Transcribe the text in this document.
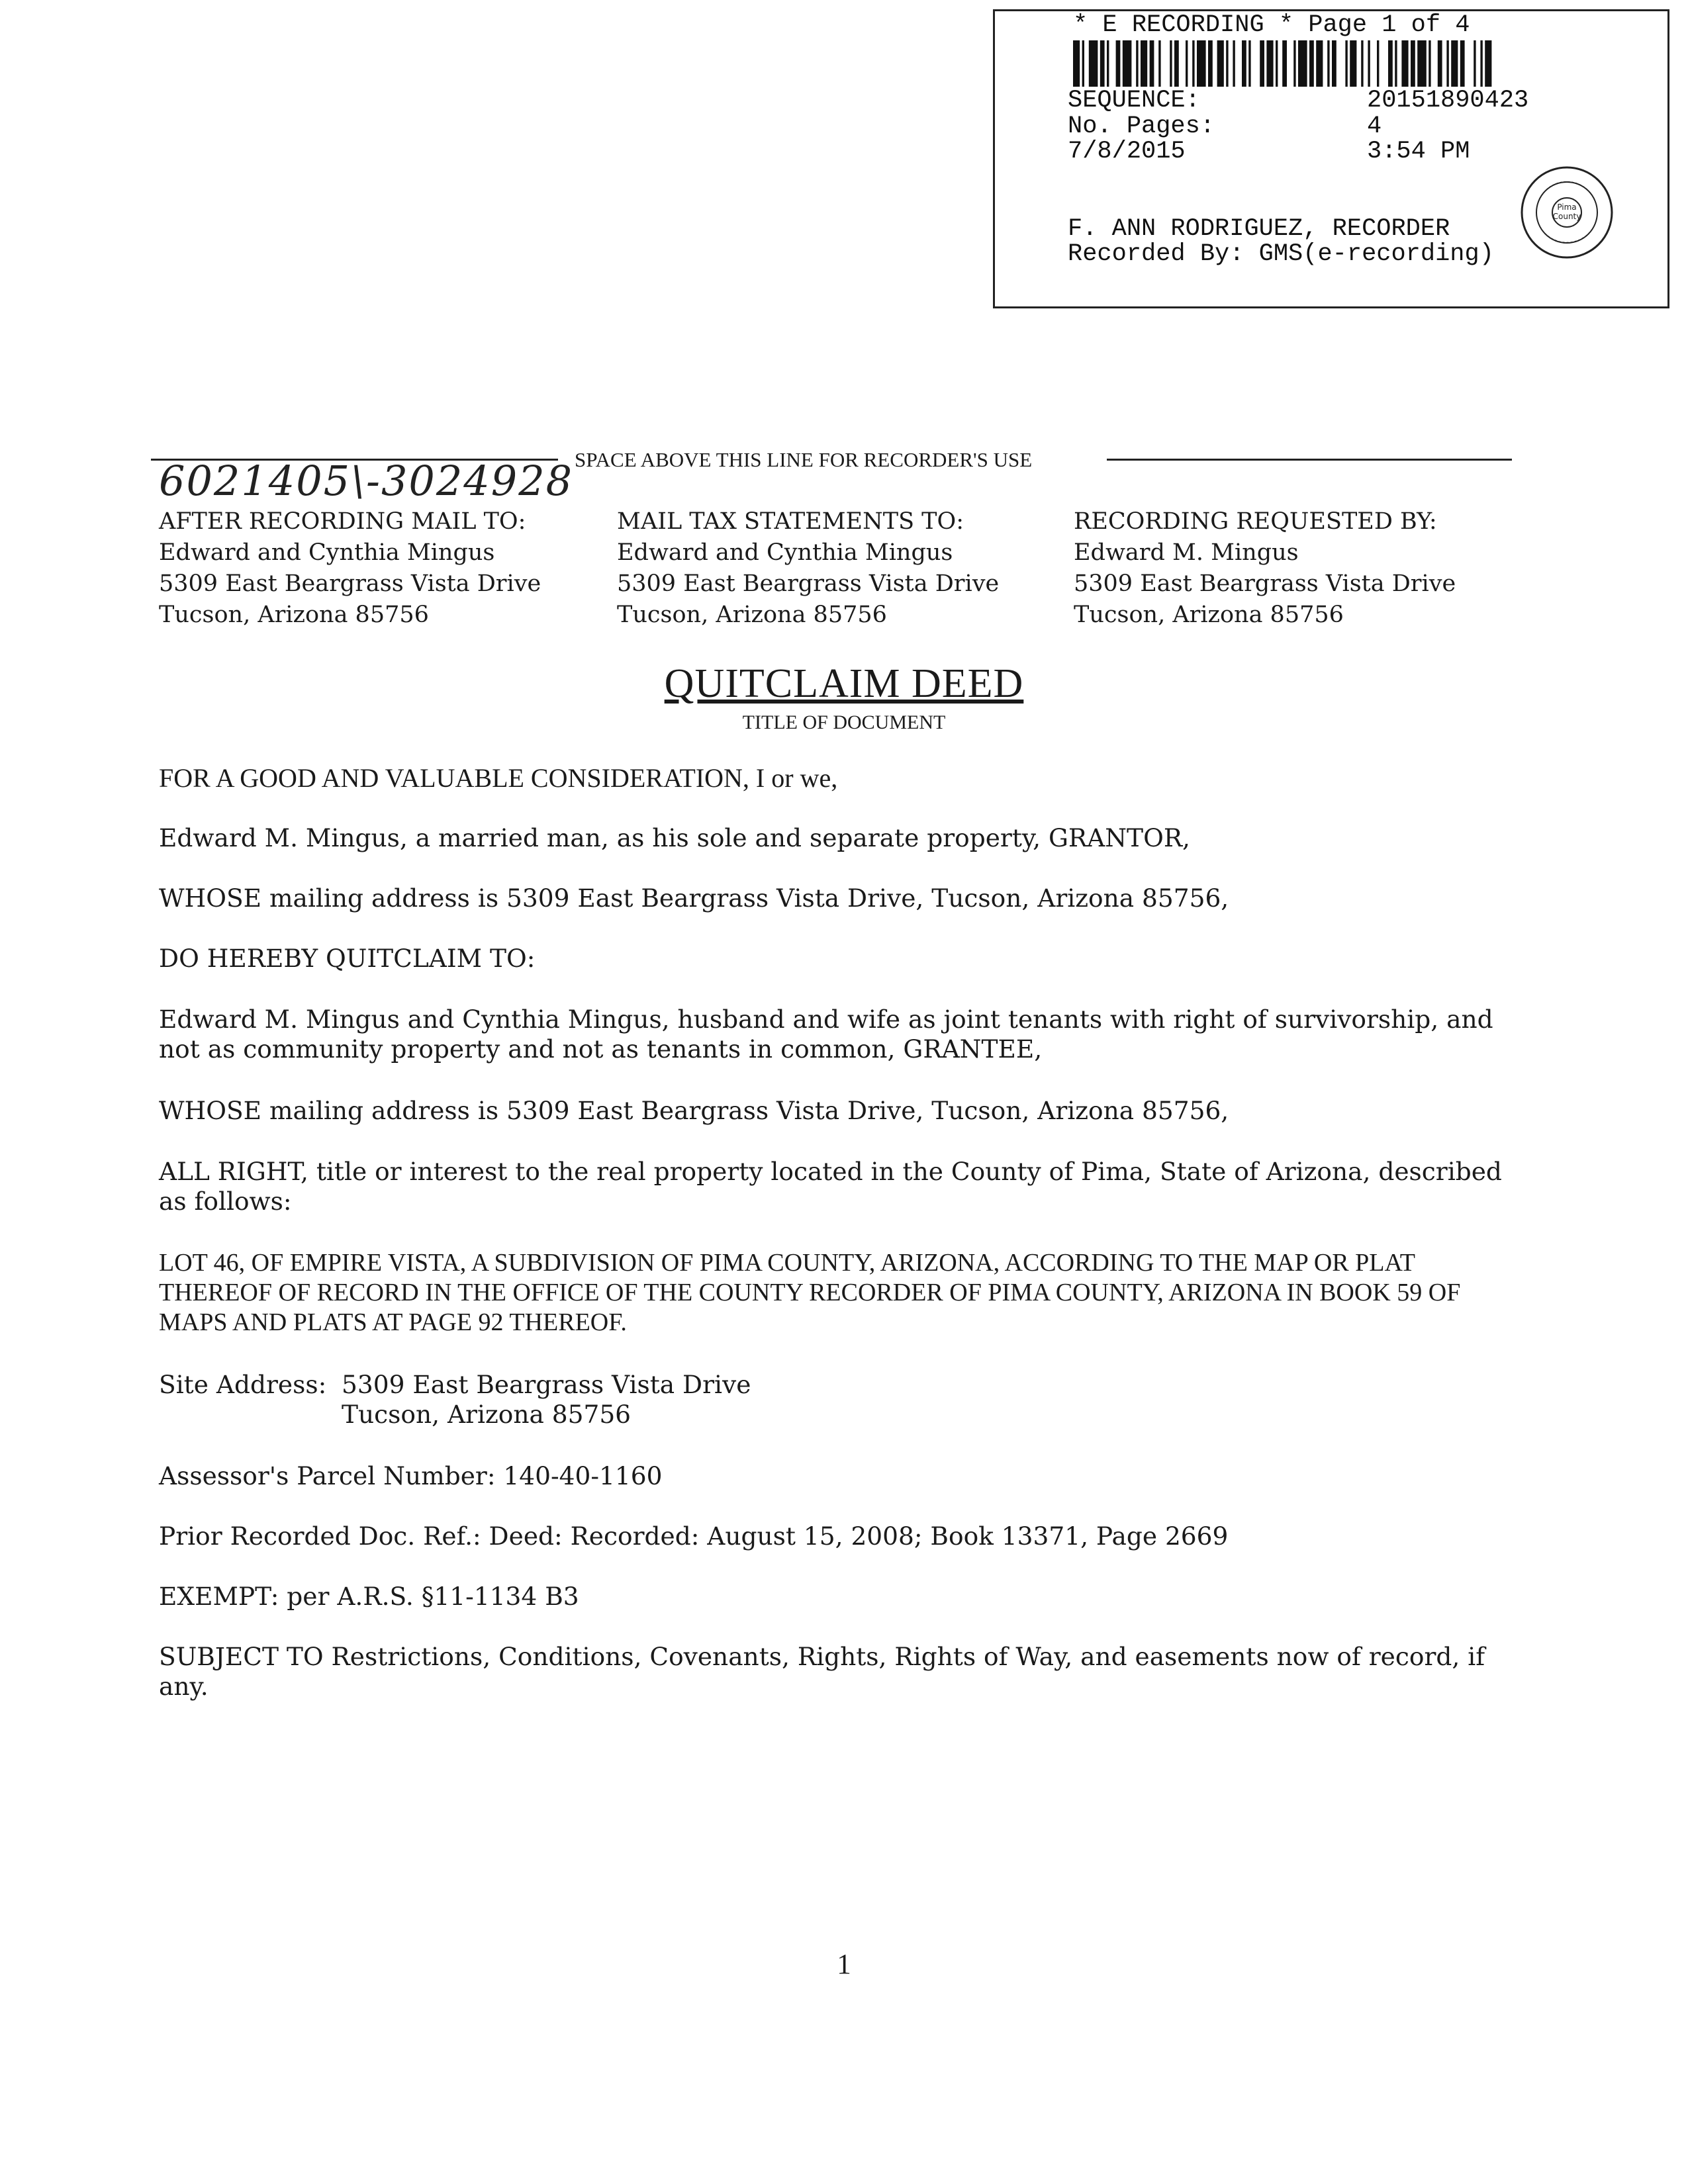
* E RECORDING * Page 1 of 4
SEQUENCE:	20151890423
No. Pages:	4
7/8/2015	3:54 PM
F. ANN RODRIGUEZ, RECORDER
Recorded By: GMS(e-recording)
Pima
County
SPACE ABOVE THIS LINE FOR RECORDER'S USE
6021405\-3024928
AFTER RECORDING MAIL TO:
Edward and Cynthia Mingus
5309 East Beargrass Vista Drive
Tucson, Arizona 85756
MAIL TAX STATEMENTS TO:
Edward and Cynthia Mingus
5309 East Beargrass Vista Drive
Tucson, Arizona 85756
RECORDING REQUESTED BY:
Edward M. Mingus
5309 East Beargrass Vista Drive
Tucson, Arizona 85756
QUITCLAIM DEED
TITLE OF DOCUMENT
FOR A GOOD AND VALUABLE CONSIDERATION, I or we,
Edward M. Mingus, a married man, as his sole and separate property, GRANTOR,
WHOSE mailing address is 5309 East Beargrass Vista Drive, Tucson, Arizona 85756,
DO HEREBY QUITCLAIM TO:
Edward M. Mingus and Cynthia Mingus, husband and wife as joint tenants with right of survivorship, and not as community property and not as tenants in common, GRANTEE,
WHOSE mailing address is 5309 East Beargrass Vista Drive, Tucson, Arizona 85756,
ALL RIGHT, title or interest to the real property located in the County of Pima, State of Arizona, described as follows:
LOT 46, OF EMPIRE VISTA, A SUBDIVISION OF PIMA COUNTY, ARIZONA, ACCORDING TO THE MAP OR PLAT THEREOF OF RECORD IN THE OFFICE OF THE COUNTY RECORDER OF PIMA COUNTY, ARIZONA IN BOOK 59 OF MAPS AND PLATS AT PAGE 92 THEREOF.
Site Address: 5309 East Beargrass Vista Drive
Tucson, Arizona 85756
Assessor's Parcel Number: 140-40-1160
Prior Recorded Doc. Ref.: Deed: Recorded: August 15, 2008; Book 13371, Page 2669
EXEMPT: per A.R.S. §11-1134 B3
SUBJECT TO Restrictions, Conditions, Covenants, Rights, Rights of Way, and easements now of record, if any.
1
